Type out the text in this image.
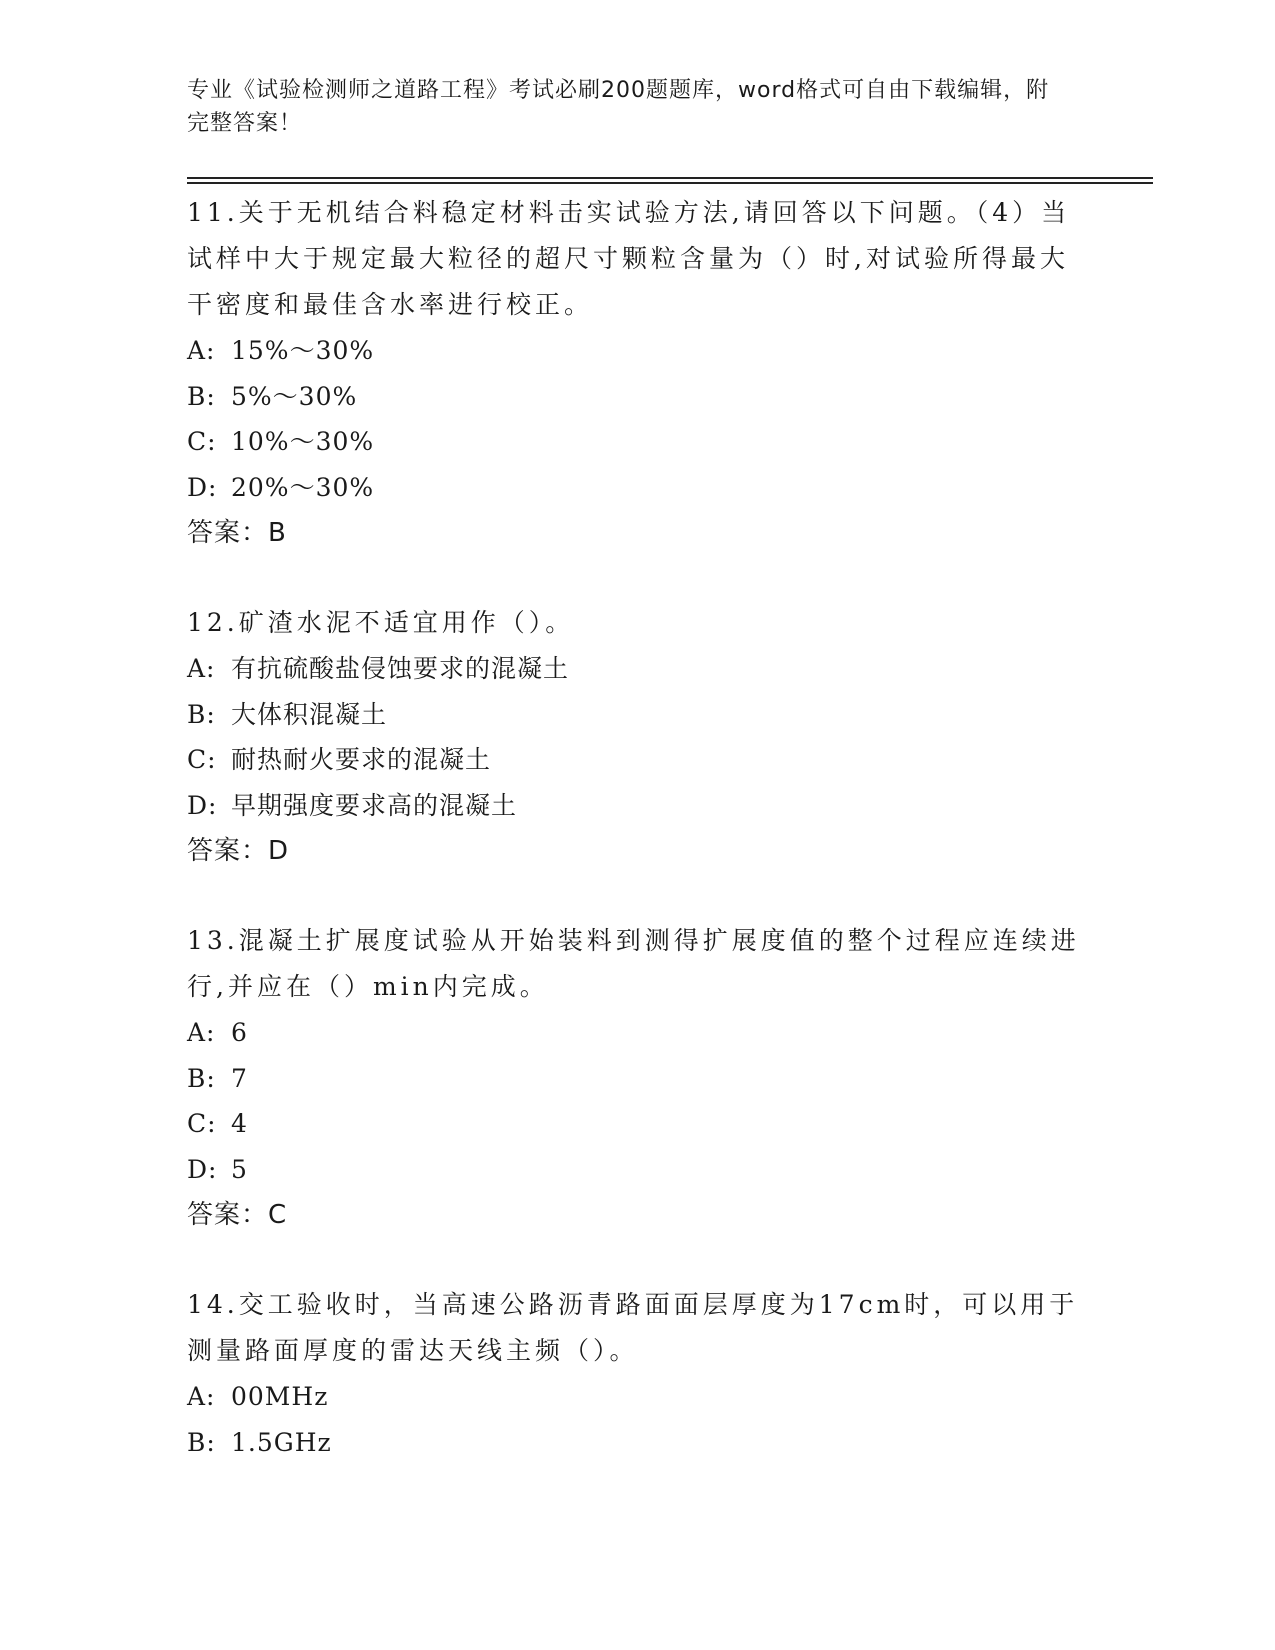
专业《试验检测师之道路工程》考试必刷200题题库，word格式可自由下载编辑，附完整答案！

11.关于无机结合料稳定材料击实试验方法,请回答以下问题。（4）当试样中大于规定最大粒径的超尺寸颗粒含量为（）时,对试验所得最大干密度和最佳含水率进行校正。

A: 15%～30%

B: 5%～30%

C: 10%～30%

D: 20%～30%

答案：B

12.矿渣水泥不适宜用作（）。

A: 有抗硫酸盐侵蚀要求的混凝土

B: 大体积混凝土

C: 耐热耐火要求的混凝土

D: 早期强度要求高的混凝土

答案：D

13.混凝土扩展度试验从开始装料到测得扩展度值的整个过程应连续进行,并应在（）min内完成。

A: 6

B: 7

C: 4

D: 5

答案：C

14.交工验收时，当高速公路沥青路面面层厚度为17cm时，可以用于测量路面厚度的雷达天线主频（）。

A: 00MHz

B: 1.5GHz
